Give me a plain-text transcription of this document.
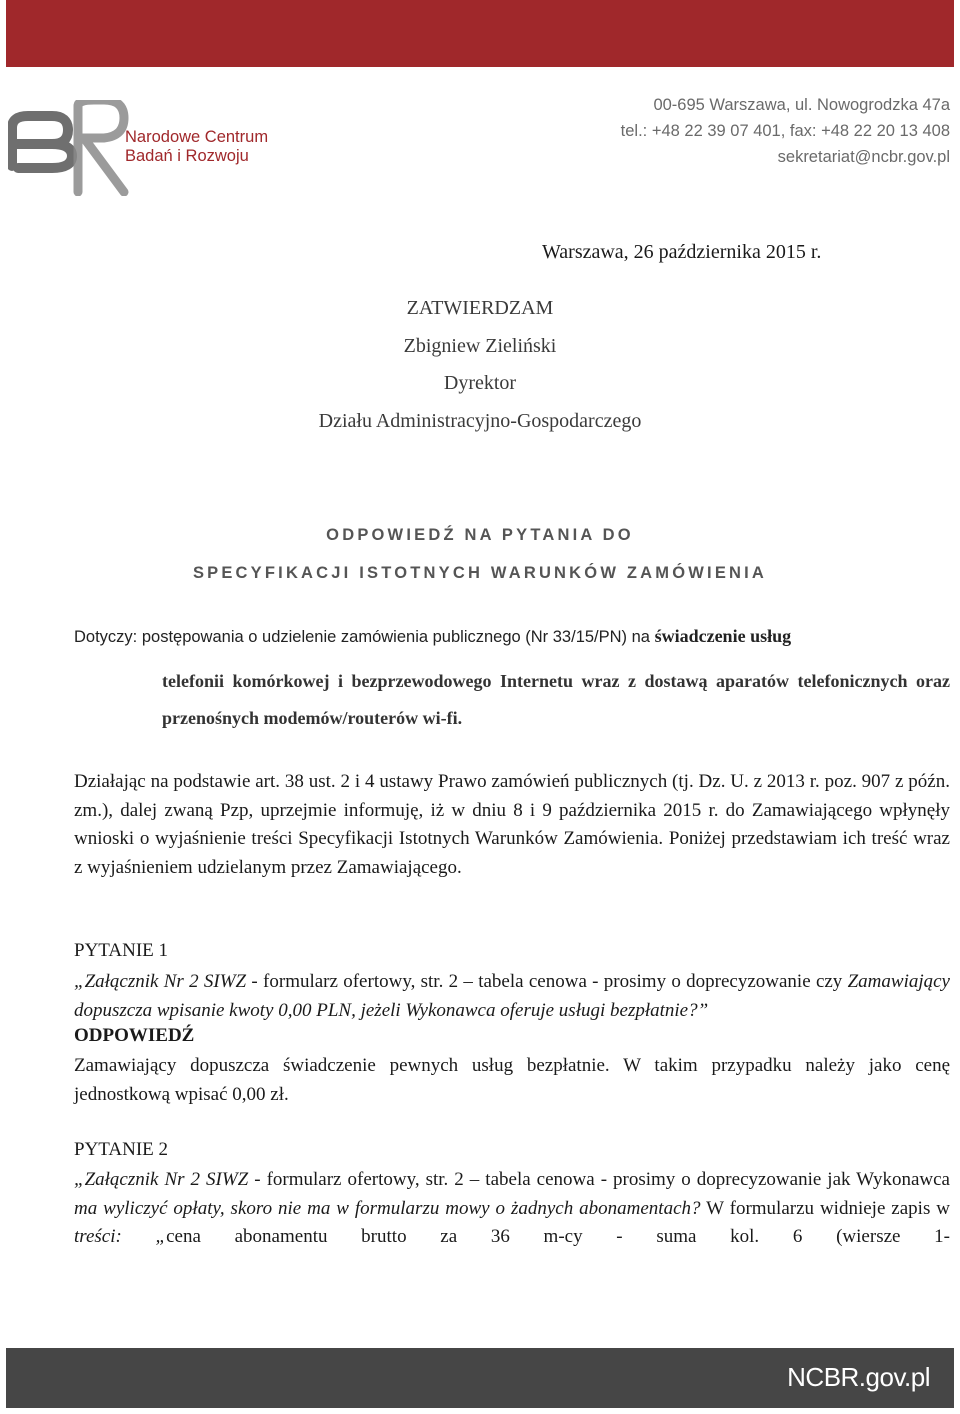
Narodowe Centrum
Badań i Rozwoju
00-695 Warszawa, ul. Nowogrodzka 47a
tel.: +48 22 39 07 401, fax: +48 22 20 13 408
sekretariat@ncbr.gov.pl
Warszawa, 26 października 2015 r.
ZATWIERDZAM
Zbigniew Zieliński
Dyrektor
Działu Administracyjno-Gospodarczego
ODPOWIEDŹ NA PYTANIA DO
SPECYFIKACJI ISTOTNYCH WARUNKÓW ZAMÓWIENIA
Dotyczy: postępowania o udzielenie zamówienia publicznego (Nr 33/15/PN) na świadczenie usług
telefonii komórkowej i bezprzewodowego Internetu wraz z dostawą aparatów telefonicznych oraz przenośnych modemów/routerów wi-fi.
Działając na podstawie art. 38 ust. 2 i 4 ustawy Prawo zamówień publicznych (tj. Dz. U. z 2013 r. poz. 907 z późn. zm.), dalej zwaną Pzp, uprzejmie informuję, iż w dniu 8 i 9 października 2015 r. do Zamawiającego wpłynęły wnioski o wyjaśnienie treści Specyfikacji Istotnych Warunków Zamówienia. Poniżej przedstawiam ich treść wraz z wyjaśnieniem udzielanym przez Zamawiającego.
PYTANIE 1
„Załącznik Nr 2 SIWZ - formularz ofertowy, str. 2 – tabela cenowa - prosimy o doprecyzowanie czy Zamawiający dopuszcza wpisanie kwoty 0,00 PLN, jeżeli Wykonawca oferuje usługi bezpłatnie?”
ODPOWIEDŹ
Zamawiający dopuszcza świadczenie pewnych usług bezpłatnie. W takim przypadku należy jako cenę jednostkową wpisać 0,00 zł.
PYTANIE 2
„Załącznik Nr 2 SIWZ - formularz ofertowy, str. 2 – tabela cenowa - prosimy o doprecyzowanie jak Wykonawca ma wyliczyć opłaty, skoro nie ma w formularzu mowy o żadnych abonamentach? W formularzu widnieje zapis w treści: „cena abonamentu brutto za 36 m-cy - suma kol. 6 (wiersze 1-
NCBR.gov.pl
